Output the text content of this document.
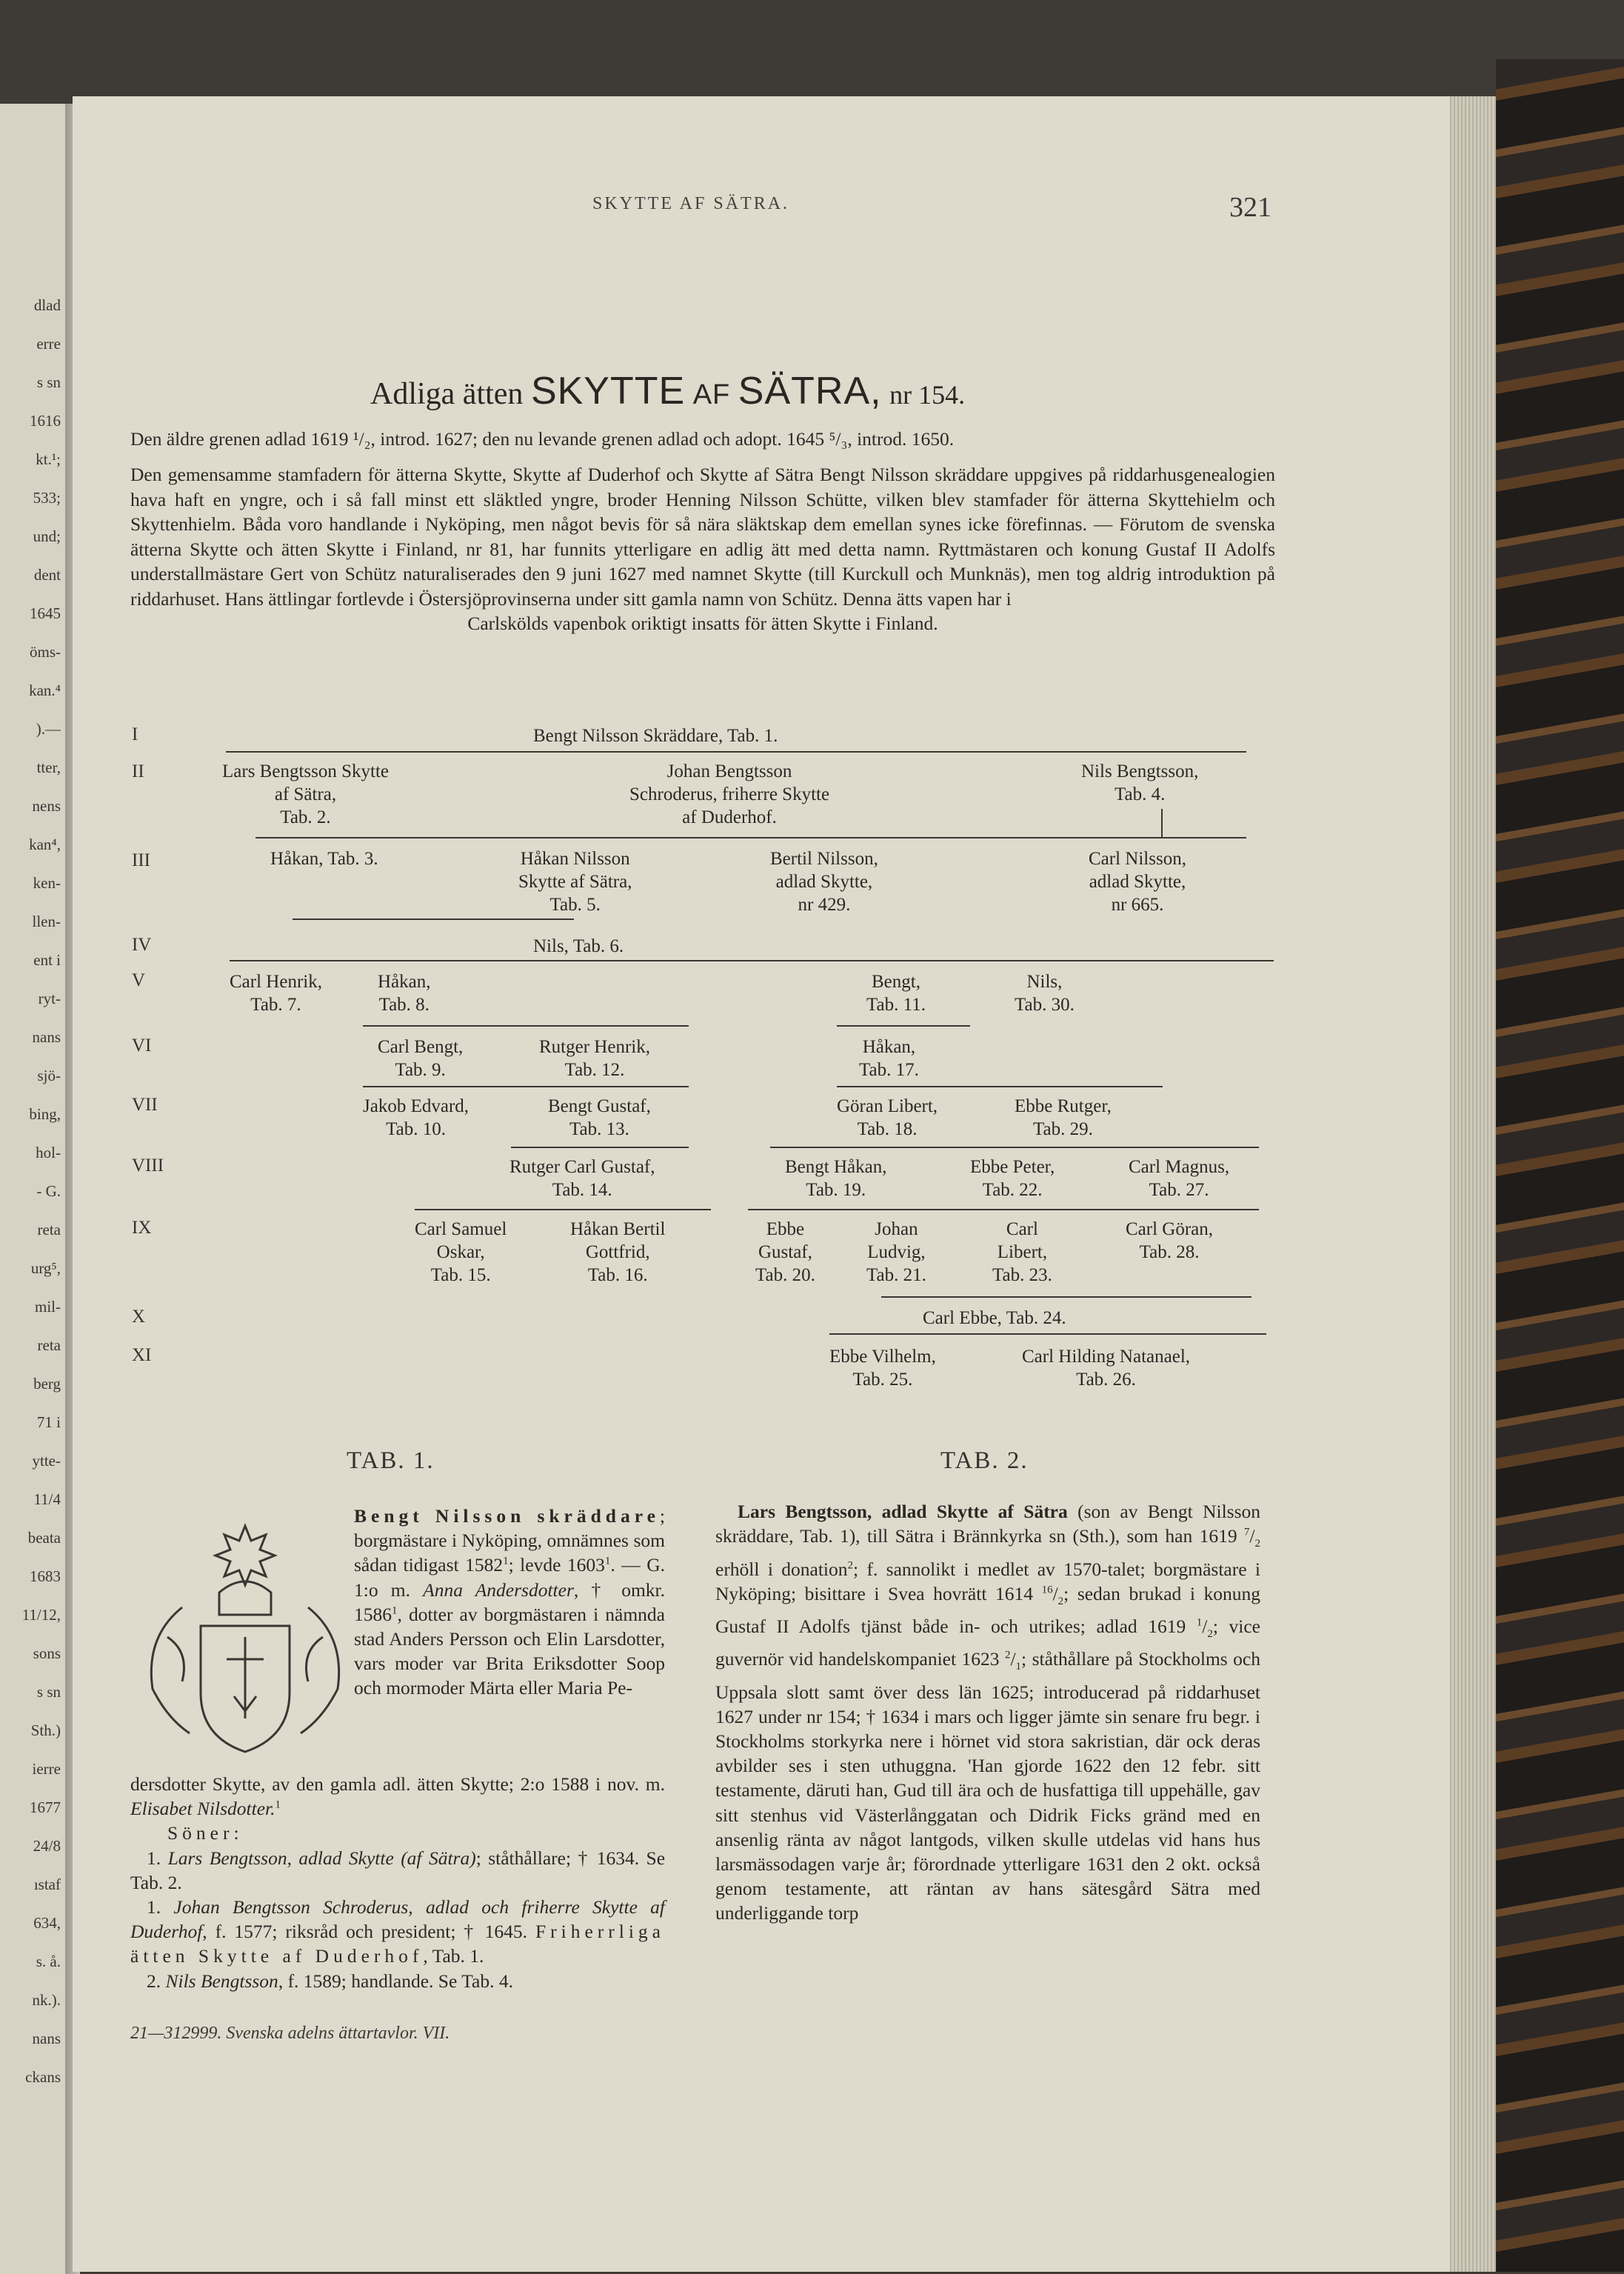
dlad
erre
s sn
1616
kt.¹;
533;
und;
dent
1645
öms-
kan.⁴
).—
tter,
nens
kan⁴,
ken-
llen-
ent i
ryt-
nans
sjö-
bing,
hol-
- G.
reta
urg⁵,
mil-
reta
berg
71 i
ytte-
11/4
beata
1683
11/12,
sons
s sn
Sth.)
ierre
1677
24/8
ıstaf
634,
s. å.
nk.).
nans
ckans
SKYTTE AF SÄTRA.	321
Adliga ätten SKYTTE AF SÄTRA, nr 154.
Den äldre grenen adlad 1619 ¹/₂, introd. 1627; den nu levande grenen adlad och adopt. 1645 ⁵/₃, introd. 1650.
Den gemensamme stamfadern för ätterna Skytte, Skytte af Duderhof och Skytte af Sätra Bengt Nilsson skräddare uppgives på riddarhusgenealogien hava haft en yngre, och i så fall minst ett släktled yngre, broder Henning Nilsson Schütte, vilken blev stamfader för ätterna Skyttehielm och Skyttenhielm. Båda voro handlande i Nyköping, men något bevis för så nära släktskap dem emellan synes icke förefinnas. — Förutom de svenska ätterna Skytte och ätten Skytte i Finland, nr 81, har funnits ytterligare en adlig ätt med detta namn. Ryttmästaren och konung Gustaf II Adolfs understallmästare Gert von Schütz naturaliserades den 9 juni 1627 med namnet Skytte (till Kurckull och Munknäs), men tog aldrig introduktion på riddarhuset. Hans ättlingar fortlevde i Östersjöprovinserna under sitt gamla namn von Schütz. Denna ätts vapen har i
Carlskölds vapenbok oriktigt insatts för ätten Skytte i Finland.
I
II
III
IV
V
VI
VII
VIII
IX
X
XI
Bengt Nilsson Skräddare, Tab. 1.
Lars Bengtsson Skytte
af Sätra,
Tab. 2.
Johan Bengtsson
Schroderus, friherre Skytte
af Duderhof.
Nils Bengtsson,
Tab. 4.
Håkan, Tab. 3.	Håkan Nilsson
Skytte af Sätra,
Tab. 5.
Bertil Nilsson,
adlad Skytte,
nr 429.
Carl Nilsson,
adlad Skytte,
nr 665.
Nils, Tab. 6.
Carl Henrik,
Tab. 7.
Håkan,
Tab. 8.
Bengt,
Tab. 11.
Nils,
Tab. 30.
Carl Bengt,
Tab. 9.
Rutger Henrik,
Tab. 12.
Håkan,
Tab. 17.
Jakob Edvard,
Tab. 10.
Bengt Gustaf,
Tab. 13.
Göran Libert,
Tab. 18.
Ebbe Rutger,
Tab. 29.
Rutger Carl Gustaf,
Tab. 14.
Bengt Håkan,
Tab. 19.
Ebbe Peter,
Tab. 22.
Carl Magnus,
Tab. 27.
Carl Samuel
Oskar,
Tab. 15.
Håkan Bertil
Gottfrid,
Tab. 16.
Ebbe
Gustaf,
Tab. 20.
Johan
Ludvig,
Tab. 21.
Carl
Libert,
Tab. 23.
Carl Göran,
Tab. 28.
Carl Ebbe, Tab. 24.
Ebbe Vilhelm,
Tab. 25.
Carl Hilding Natanael,
Tab. 26.
TAB. 1.
Bengt Nilsson skräddare; borgmästare i Nyköping, omnämnes som sådan tidigast 1582$^1$; levde 1603$^1$. — G. 1:o m. Anna Andersdotter, † omkr. 1586$^1$, dotter av borgmästaren i nämnda stad Anders Persson och Elin Larsdotter, vars moder var Brita Eriksdotter Soop och mormoder Märta eller Maria Pe-
dersdotter Skytte, av den gamla adl. ätten Skytte; 2:o 1588 i nov. m. Elisabet Nilsdotter.$^1$
Söner:
1. Lars Bengtsson, adlad Skytte (af Sätra); ståthållare; † 1634. Se Tab. 2.
1. Johan Bengtsson Schroderus, adlad och friherre Skytte af Duderhof, f. 1577; riksråd och president; † 1645. Friherrliga ätten Skytte af Duderhof, Tab. 1.
2. Nils Bengtsson, f. 1589; handlande. Se Tab. 4.
21—312999. Svenska adelns ättartavlor. VII.
TAB. 2.
Lars Bengtsson, adlad Skytte af Sätra (son av Bengt Nilsson skräddare, Tab. 1), till Sätra i Brännkyrka sn (Sth.), som han 1619 $^7/_2$ erhöll i donation$^2$; f. sannolikt i medlet av 1570-talet; borgmästare i Nyköping; bisittare i Svea hovrätt 1614 $^{16}/_2$; sedan brukad i konung Gustaf II Adolfs tjänst både in- och utrikes; adlad 1619 $^1/_2$; vice guvernör vid handelskompaniet 1623 $^2/_1$; ståthållare på Stockholms och Uppsala slott samt över dess län 1625; introducerad på riddarhuset 1627 under nr 154; † 1634 i mars och ligger jämte sin senare fru begr. i Stockholms storkyrka nere i hörnet vid stora sakristian, där ock deras avbilder ses i sten uthuggna. 'Han gjorde 1622 den 12 febr. sitt testamente, däruti han, Gud till ära och de husfattiga till uppehälle, gav sitt stenhus vid Västerlånggatan och Didrik Ficks gränd med en ansenlig ränta av något lantgods, vilken skulle utdelas vid hans hus larsmässodagen varje år; förordnade ytterligare 1631 den 2 okt. också genom testamente, att räntan av hans sätesgård Sätra med underliggande torp
